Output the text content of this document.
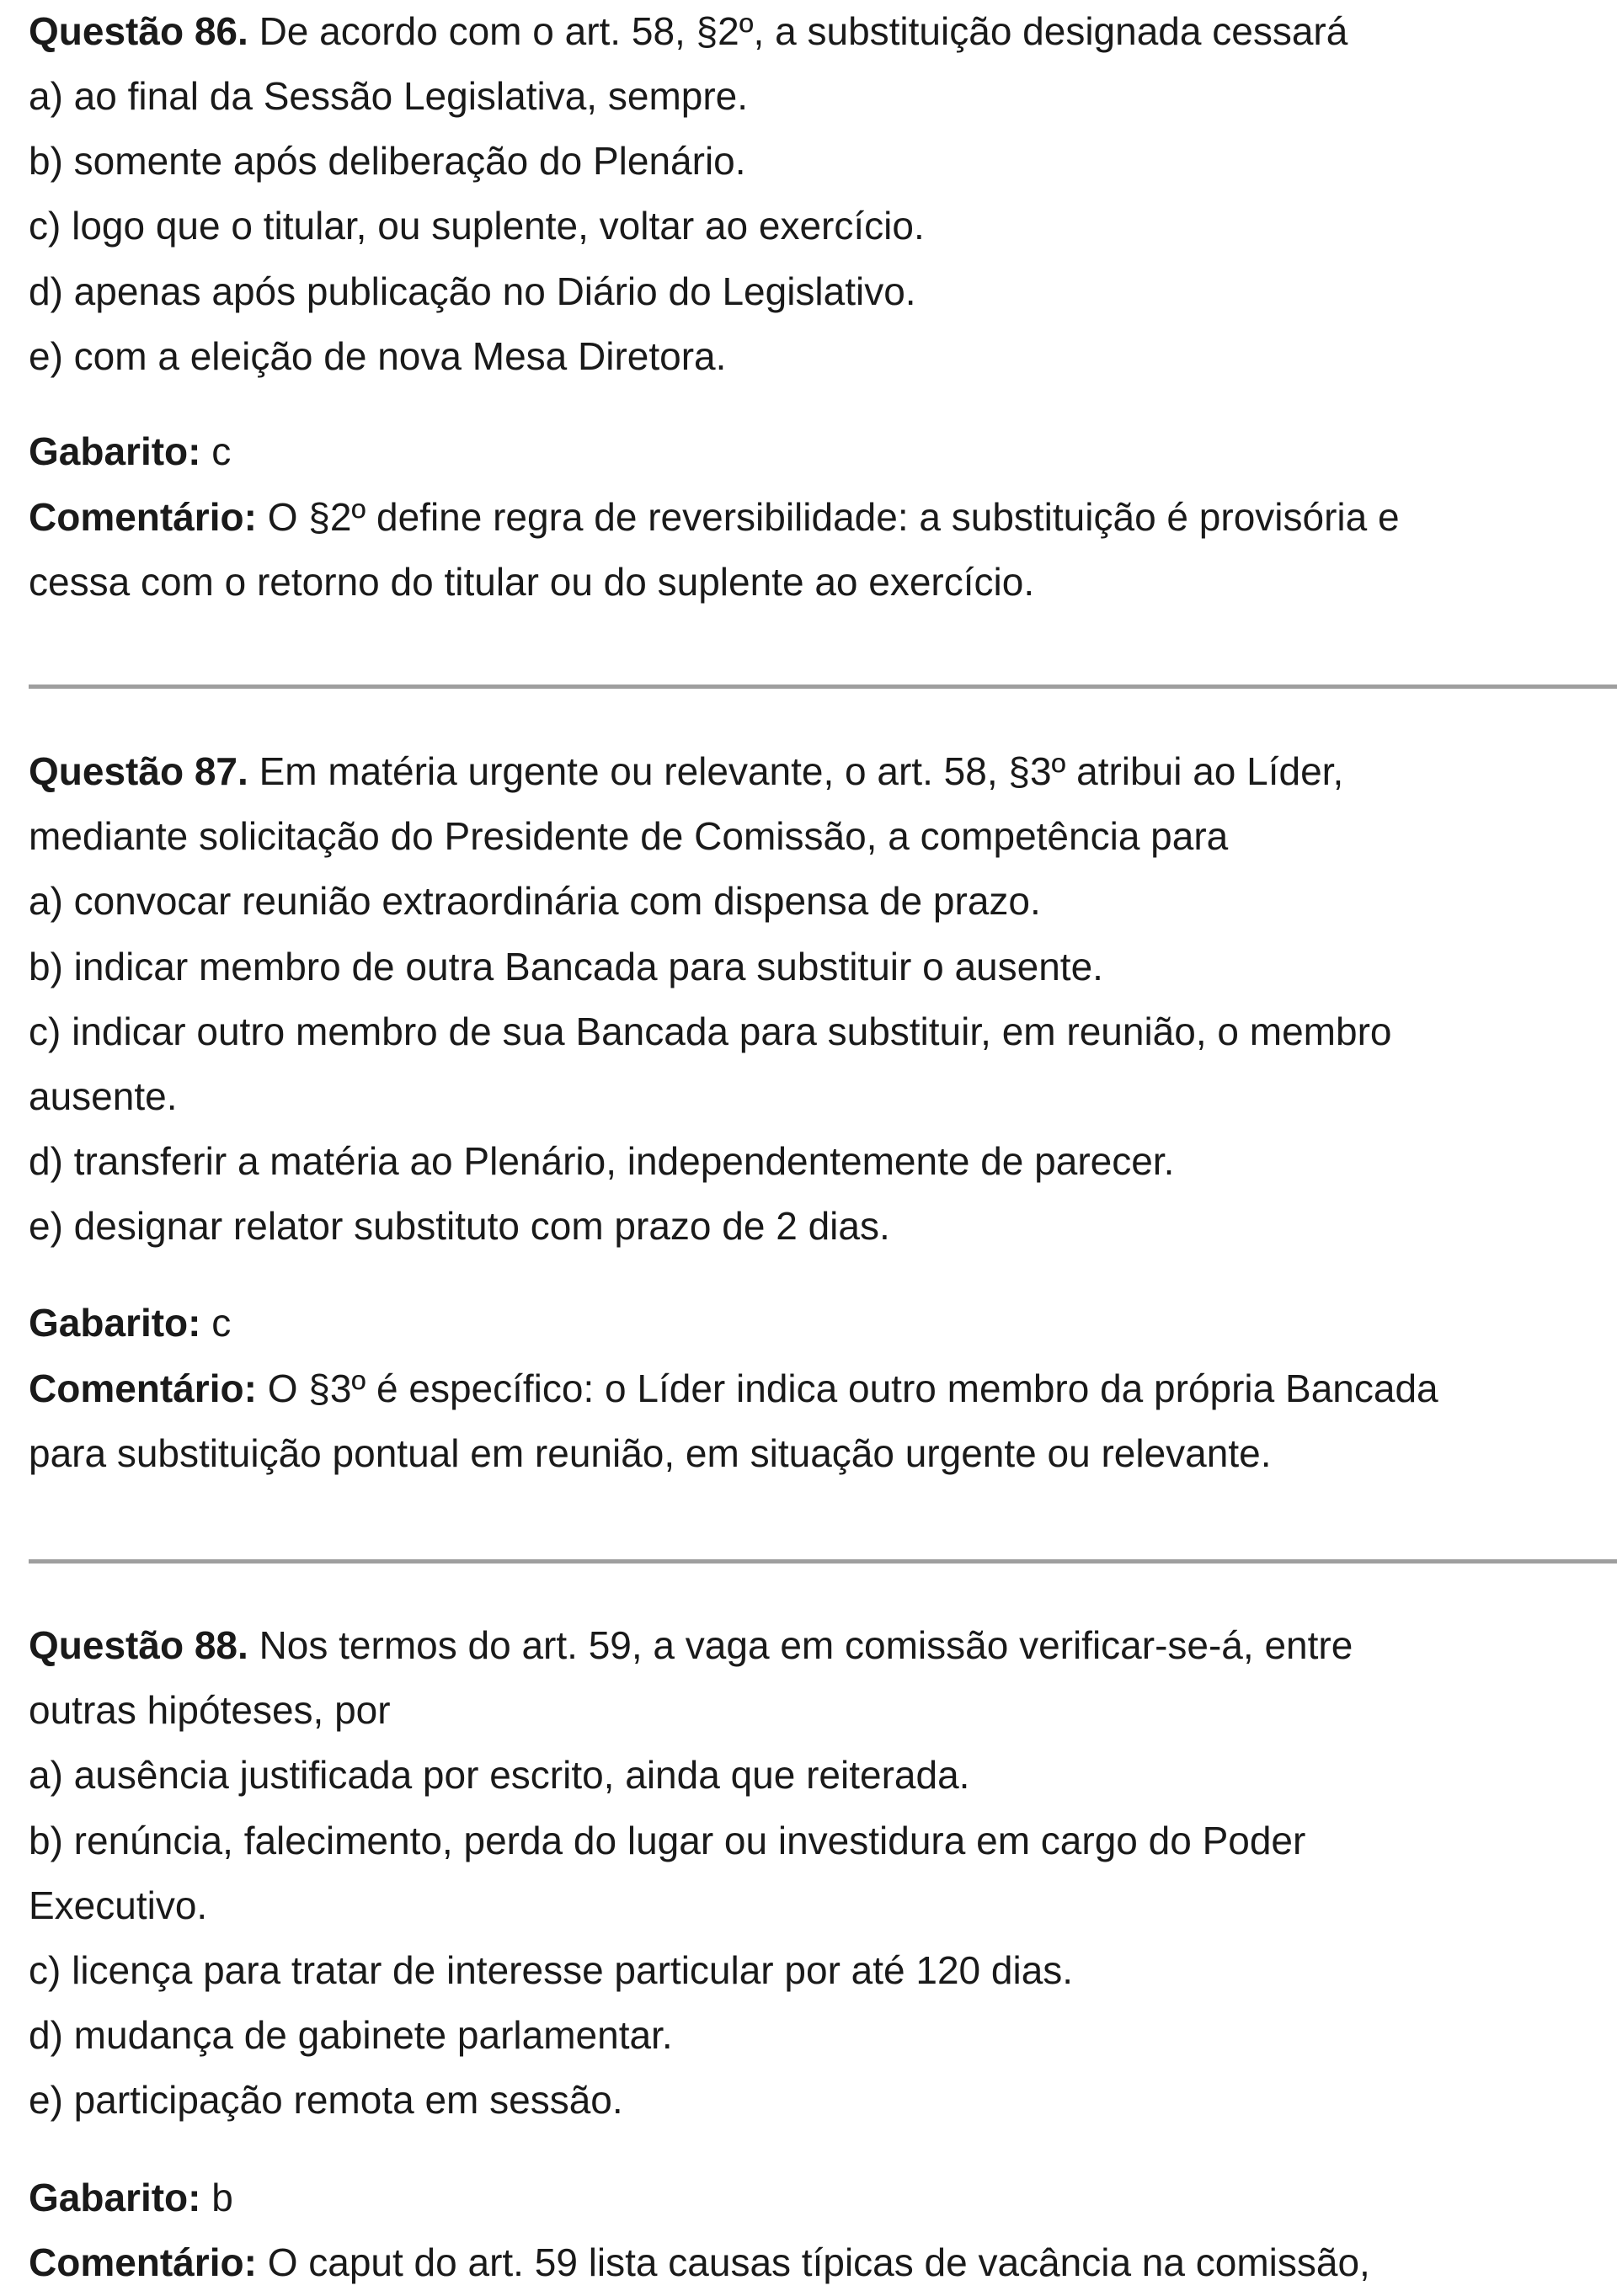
Questão 86. De acordo com o art. 58, §2º, a substituição designada cessará
a) ao final da Sessão Legislativa, sempre.
b) somente após deliberação do Plenário.
c) logo que o titular, ou suplente, voltar ao exercício.
d) apenas após publicação no Diário do Legislativo.
e) com a eleição de nova Mesa Diretora.
Gabarito: c
Comentário: O §2º define regra de reversibilidade: a substituição é provisória e
cessa com o retorno do titular ou do suplente ao exercício.
Questão 87. Em matéria urgente ou relevante, o art. 58, §3º atribui ao Líder,
mediante solicitação do Presidente de Comissão, a competência para
a) convocar reunião extraordinária com dispensa de prazo.
b) indicar membro de outra Bancada para substituir o ausente.
c) indicar outro membro de sua Bancada para substituir, em reunião, o membro
ausente.
d) transferir a matéria ao Plenário, independentemente de parecer.
e) designar relator substituto com prazo de 2 dias.
Gabarito: c
Comentário: O §3º é específico: o Líder indica outro membro da própria Bancada
para substituição pontual em reunião, em situação urgente ou relevante.
Questão 88. Nos termos do art. 59, a vaga em comissão verificar-se-á, entre
outras hipóteses, por
a) ausência justificada por escrito, ainda que reiterada.
b) renúncia, falecimento, perda do lugar ou investidura em cargo do Poder
Executivo.
c) licença para tratar de interesse particular por até 120 dias.
d) mudança de gabinete parlamentar.
e) participação remota em sessão.
Gabarito: b
Comentário: O caput do art. 59 lista causas típicas de vacância na comissão,
